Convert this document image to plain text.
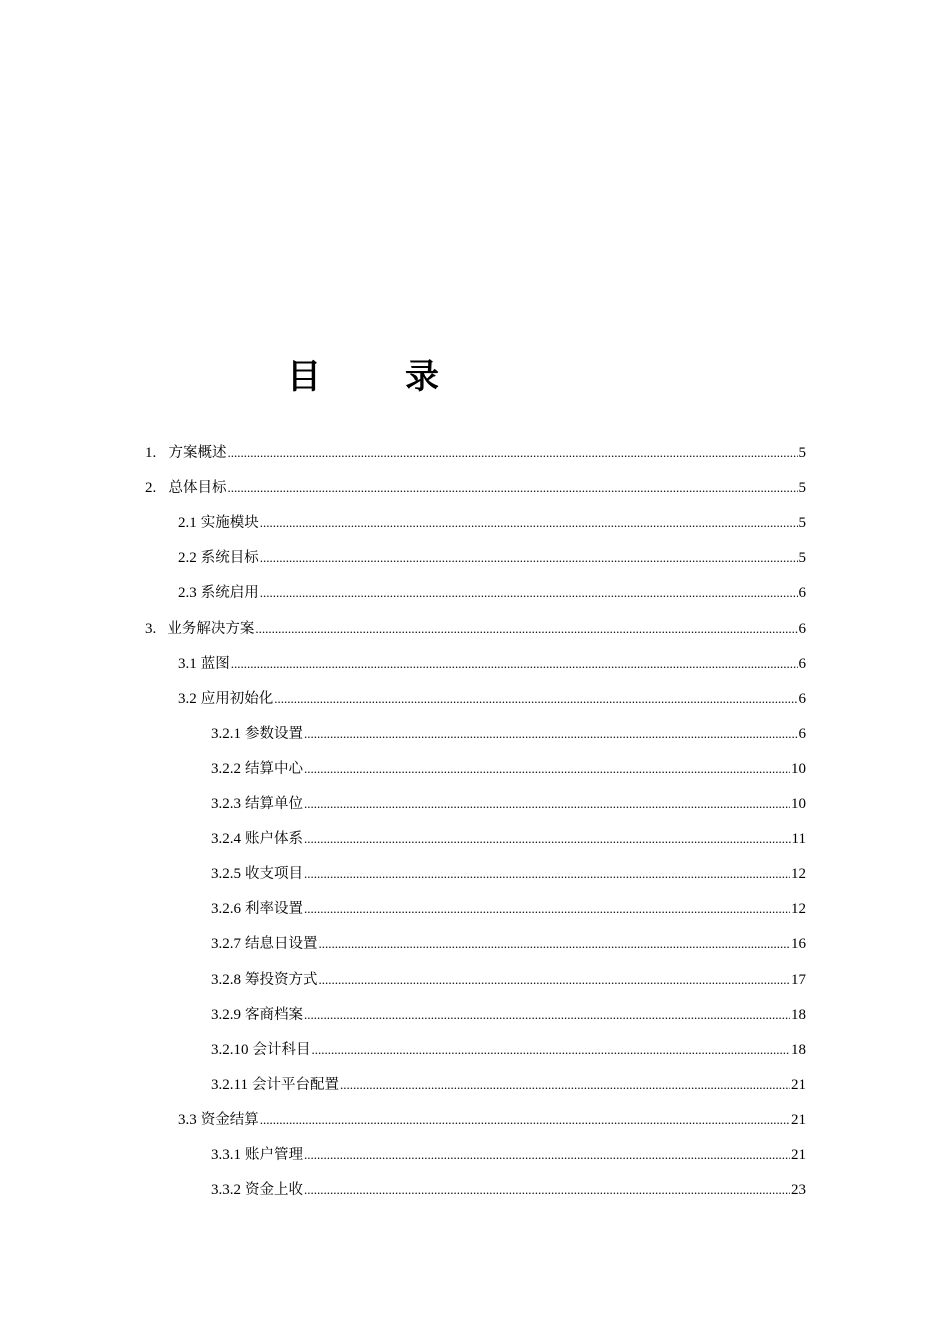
目 录
1. 方案概述 .....	5
2. 总体目标 .....	5
2.1 实施模块 .....	5
2.2 系统目标 .....	5
2.3 系统启用 .....	6
3. 业务解决方案 .....	6
3.1 蓝图 .....	6
3.2 应用初始化 .....	6
3.2.1 参数设置 .....	6
3.2.2 结算中心 .....	10
3.2.3 结算单位 .....	10
3.2.4 账户体系 .....	11
3.2.5 收支项目 .....	12
3.2.6 利率设置 .....	12
3.2.7 结息日设置 .....	16
3.2.8 筹投资方式 .....	17
3.2.9 客商档案 .....	18
3.2.10 会计科目 .....	18
3.2.11 会计平台配置 .....	21
3.3 资金结算 .....	21
3.3.1 账户管理 .....	21
3.3.2 资金上收 .....	23
